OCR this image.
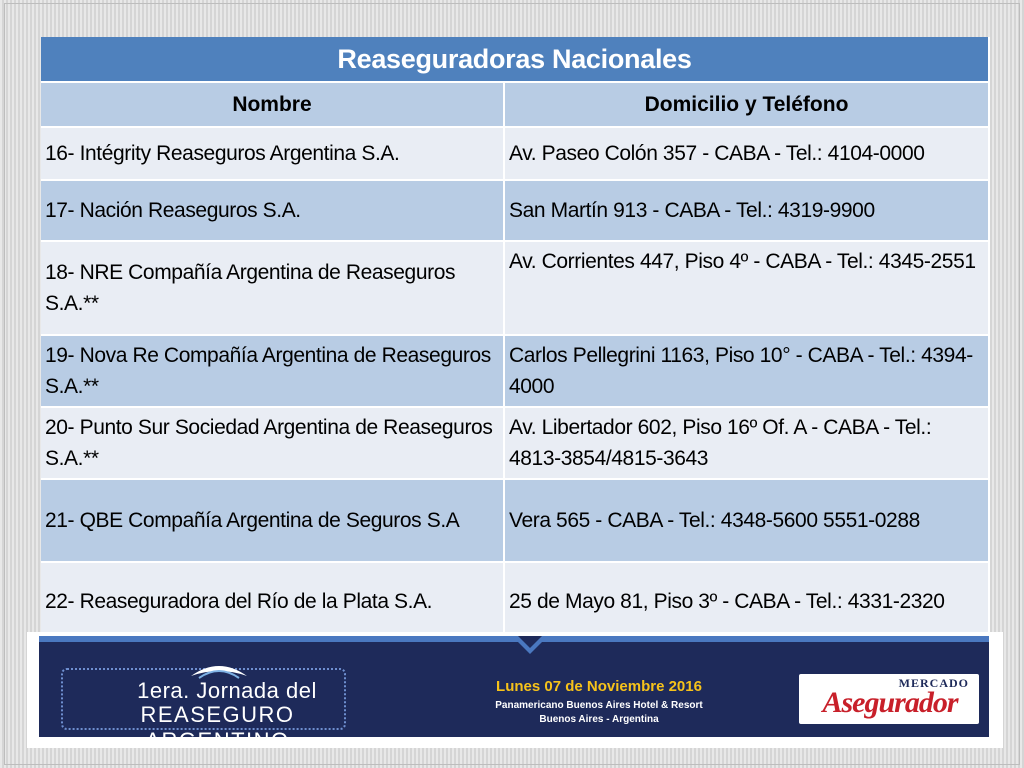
Reaseguradoras Nacionales	
Nombre	Domicilio y Teléfono
16- Intégrity Reaseguros Argentina S.A.	Av. Paseo Colón 357 - CABA - Tel.: 4104-0000
17- Nación Reaseguros S.A.	San Martín 913 - CABA - Tel.: 4319-9900
18- NRE Compañía Argentina de Reaseguros S.A.**	Av. Corrientes 447, Piso 4º - CABA - Tel.: 4345-2551
19- Nova Re Compañía Argentina de Reaseguros S.A.**	Carlos Pellegrini 1163, Piso 10° - CABA - Tel.: 4394-4000
20- Punto Sur Sociedad Argentina de Reaseguros S.A.**	Av. Libertador 602, Piso 16º Of. A - CABA - Tel.: 4813-3854/4815-3643
21- QBE Compañía Argentina de Seguros S.A	Vera 565 - CABA - Tel.: 4348-5600 5551-0288
22- Reaseguradora del Río de la Plata S.A.	25 de Mayo 81, Piso 3º - CABA - Tel.: 4331-2320
1era. Jornada del
REASEGURO ARGENTINO
Lunes 07 de Noviembre 2016
Panamericano Buenos Aires Hotel & Resort
Buenos Aires - Argentina
MERCADO
Asegurador
